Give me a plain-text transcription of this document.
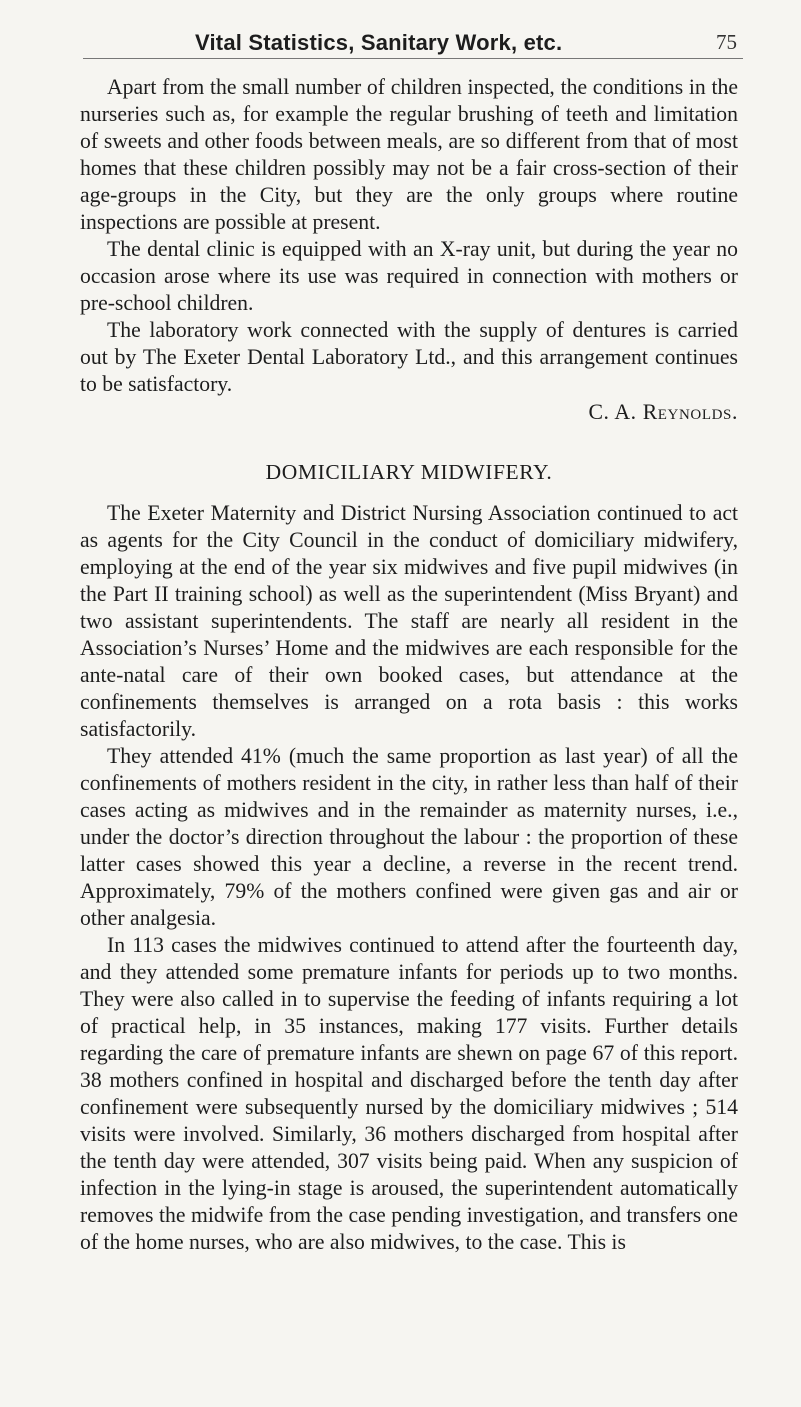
Vital Statistics, Sanitary Work, etc.	75

Apart from the small number of children inspected, the conditions in the nurseries such as, for example the regular brushing of teeth and limitation of sweets and other foods between meals, are so different from that of most homes that these children possibly may not be a fair cross-section of their age-groups in the City, but they are the only groups where routine inspections are possible at present.

The dental clinic is equipped with an X-ray unit, but during the year no occasion arose where its use was required in connection with mothers or pre-school children.

The laboratory work connected with the supply of dentures is carried out by The Exeter Dental Laboratory Ltd., and this arrangement continues to be satisfactory.

C. A. Reynolds.

DOMICILIARY MIDWIFERY.

The Exeter Maternity and District Nursing Association continued to act as agents for the City Council in the conduct of domiciliary midwifery, employing at the end of the year six midwives and five pupil midwives (in the Part II training school) as well as the superintendent (Miss Bryant) and two assistant superintendents. The staff are nearly all resident in the Association’s Nurses’ Home and the midwives are each responsible for the ante-natal care of their own booked cases, but attendance at the confinements themselves is arranged on a rota basis : this works satisfactorily.

They attended 41% (much the same proportion as last year) of all the confinements of mothers resident in the city, in rather less than half of their cases acting as midwives and in the remainder as maternity nurses, i.e., under the doctor’s direction throughout the labour : the proportion of these latter cases showed this year a decline, a reverse in the recent trend. Approximately, 79% of the mothers confined were given gas and air or other analgesia.

In 113 cases the midwives continued to attend after the fourteenth day, and they attended some premature infants for periods up to two months. They were also called in to supervise the feeding of infants requiring a lot of practical help, in 35 instances, making 177 visits. Further details regarding the care of premature infants are shewn on page 67 of this report. 38 mothers confined in hospital and discharged before the tenth day after confinement were subsequently nursed by the domiciliary midwives ; 514 visits were involved. Similarly, 36 mothers discharged from hospital after the tenth day were attended, 307 visits being paid. When any suspicion of infection in the lying-in stage is aroused, the superintendent automatically removes the midwife from the case pending investigation, and transfers one of the home nurses, who are also midwives, to the case. This is
